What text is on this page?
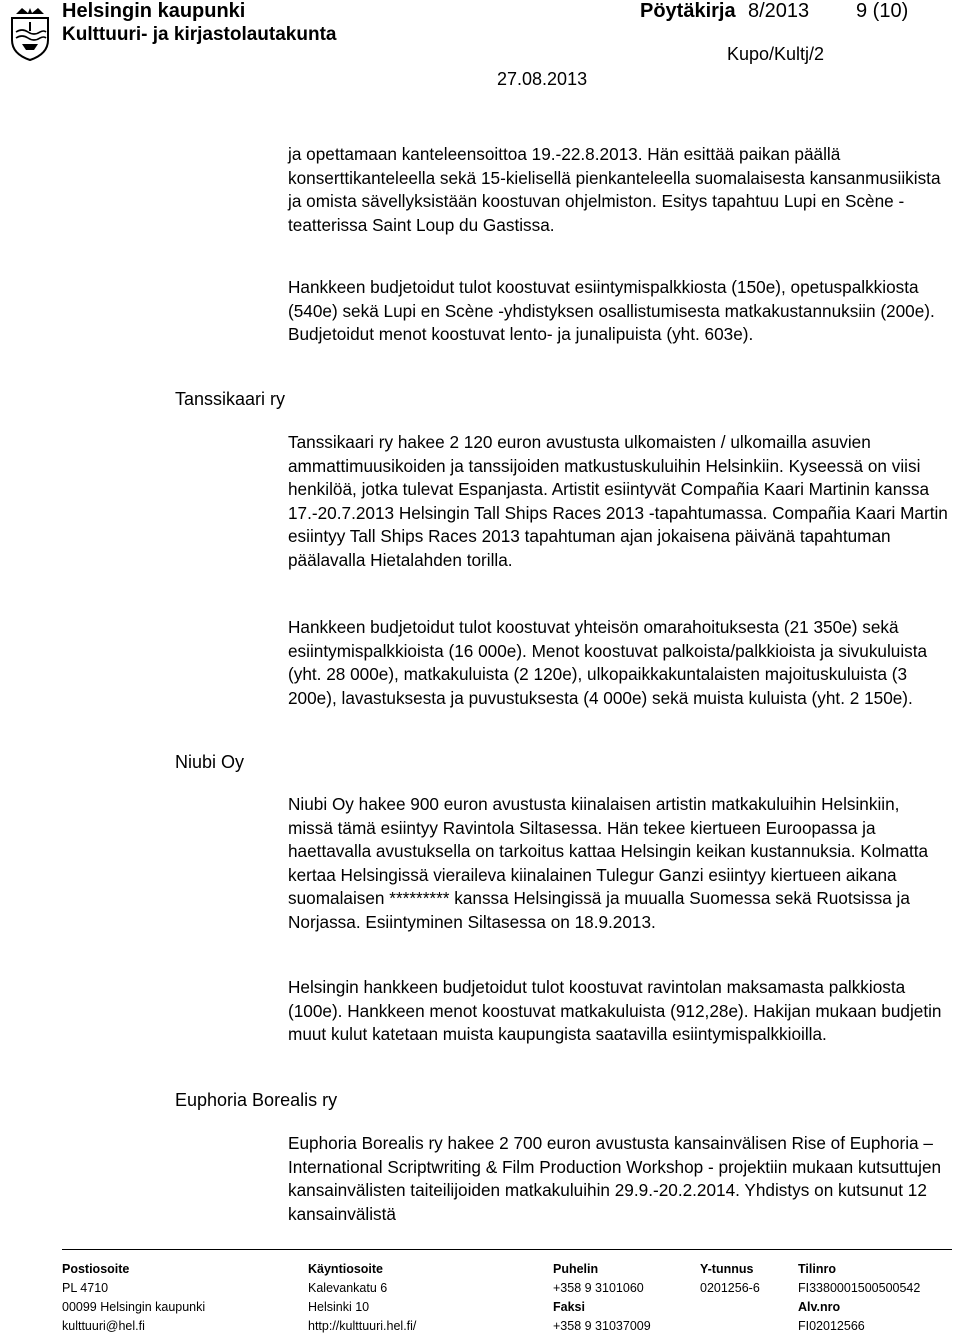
Helsingin kaupunki
Kulttuuri- ja kirjastolautakunta
Pöytäkirja 8/2013 9 (10)
Kupo/Kultj/2
27.08.2013

ja opettamaan kanteleensoittoa 19.-22.8.2013. Hän esittää paikan päällä konserttikanteleella sekä 15-kielisellä pienkanteleella suomalaisesta kansanmusiikista ja omista sävellyksistään koostuvan ohjelmiston. Esitys tapahtuu Lupi en Scène -teatterissa Saint Loup du Gastissa.

Hankkeen budjetoidut tulot koostuvat esiintymispalkkiosta (150e), opetuspalkkiosta (540e) sekä Lupi en Scène -yhdistyksen osallistumisesta matkakustannuksiin (200e). Budjetoidut menot koostuvat lento- ja junalipuista (yht. 603e).

Tanssikaari ry

Tanssikaari ry hakee 2 120 euron avustusta ulkomaisten / ulkomailla asuvien ammattimuusikoiden ja tanssijoiden matkustuskuluihin Helsinkiin. Kyseessä on viisi henkilöä, jotka tulevat Espanjasta. Artistit esiintyvät Compañia Kaari Martinin kanssa 17.-20.7.2013 Helsingin Tall Ships Races 2013 -tapahtumassa. Compañia Kaari Martin esiintyy Tall Ships Races 2013 tapahtuman ajan jokaisena päivänä tapahtuman päälavalla Hietalahden torilla.

Hankkeen budjetoidut tulot koostuvat yhteisön omarahoituksesta (21 350e) sekä esiintymispalkkioista (16 000e). Menot koostuvat palkoista/palkkioista ja sivukuluista (yht. 28 000e), matkakuluista (2 120e), ulkopaikkakuntalaisten majoituskuluista (3 200e), lavastuksesta ja puvustuksesta (4 000e) sekä muista kuluista (yht. 2 150e).

Niubi Oy

Niubi Oy hakee 900 euron avustusta kiinalaisen artistin matkakuluihin Helsinkiin, missä tämä esiintyy Ravintola Siltasessa. Hän tekee kiertueen Euroopassa ja haettavalla avustuksella on tarkoitus kattaa Helsingin keikan kustannuksia. Kolmatta kertaa Helsingissä vieraileva kiinalainen Tulegur Ganzi esiintyy kiertueen aikana suomalaisen ********* kanssa Helsingissä ja muualla Suomessa sekä Ruotsissa ja Norjassa. Esiintyminen Siltasessa on 18.9.2013.

Helsingin hankkeen budjetoidut tulot koostuvat ravintolan maksamasta palkkiosta (100e). Hankkeen menot koostuvat matkakuluista (912,28e). Hakijan mukaan budjetin muut kulut katetaan muista kaupungista saatavilla esiintymispalkkioilla.

Euphoria Borealis ry

Euphoria Borealis ry hakee 2 700 euron avustusta kansainvälisen Rise of Euphoria – International Scriptwriting & Film Production Workshop - projektiin mukaan kutsuttujen kansainvälisten taiteilijoiden matkakuluihin 29.9.-20.2.2014. Yhdistys on kutsunut 12 kansainvälistä

Postiosoite
PL 4710
00099 Helsingin kaupunki
kulttuuri@hel.fi
Käyntiosoite
Kalevankatu 6
Helsinki 10
http://kulttuuri.hel.fi/
Puhelin
+358 9 3101060
Faksi
+358 9 31037009
Y-tunnus
0201256-6
Tilinro
FI3380001500500542
Alv.nro
FI02012566
